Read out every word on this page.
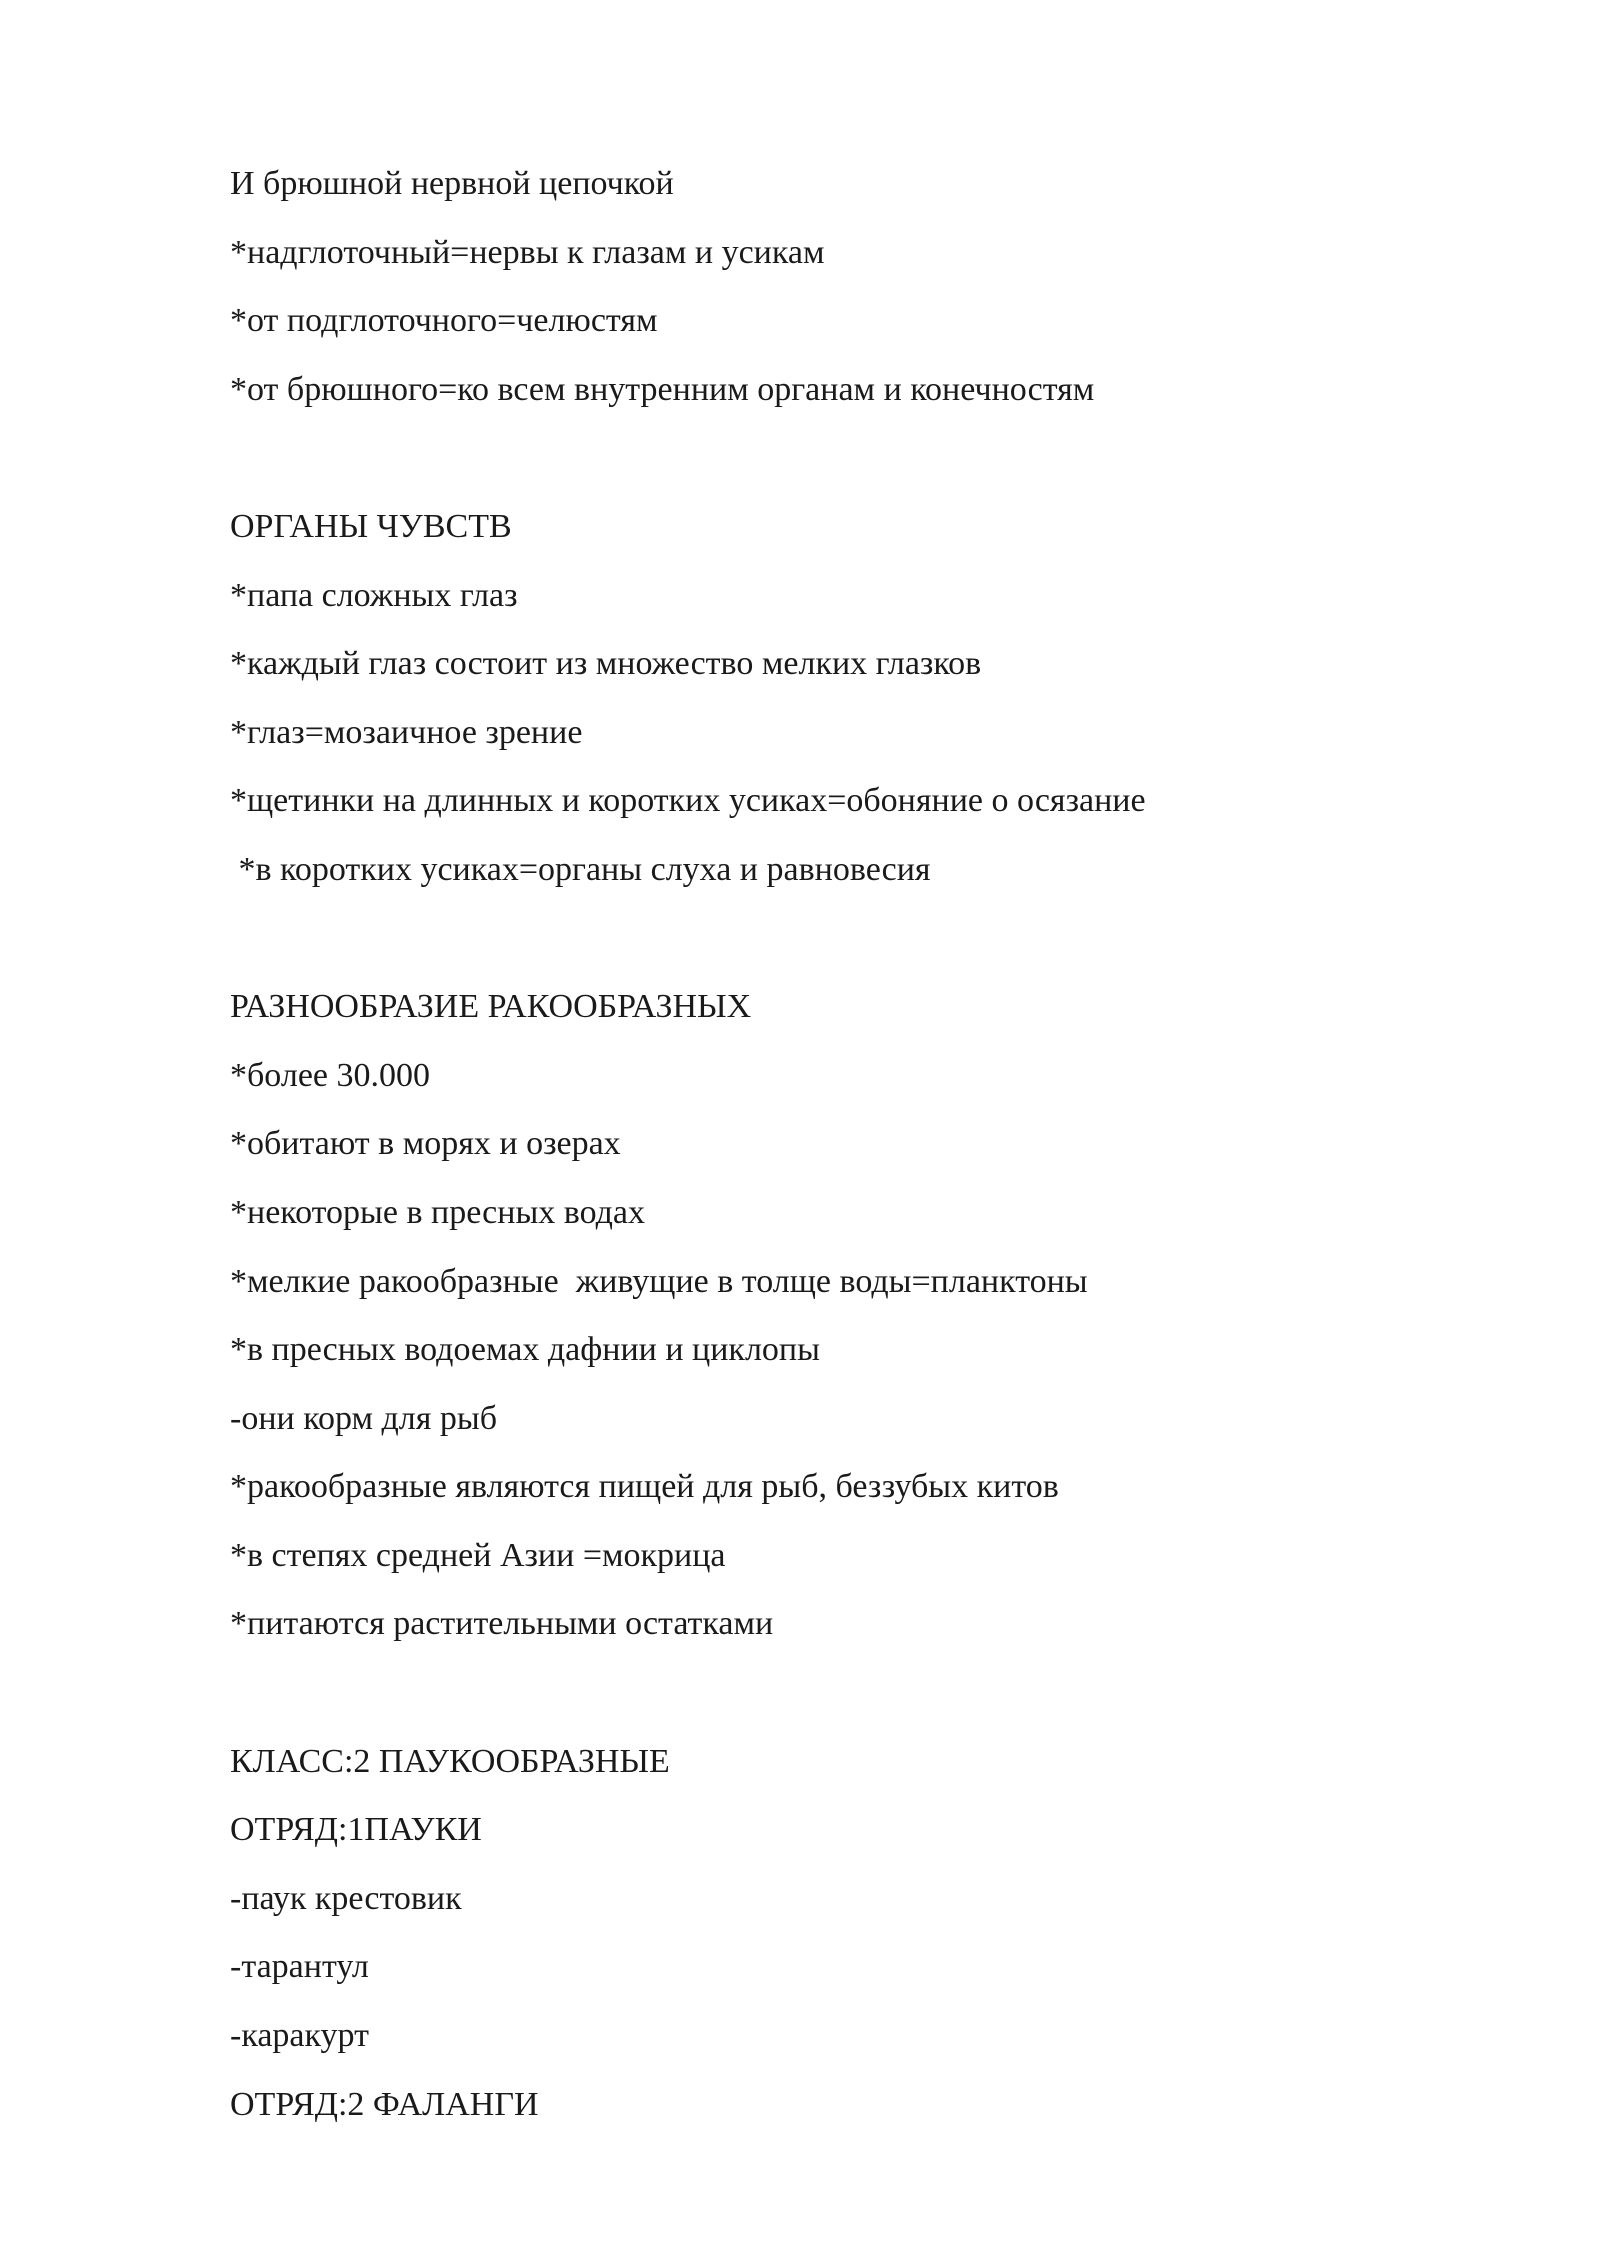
И брюшной нервной цепочкой
*надглоточный=нервы к глазам и усикам
*от подглоточного=челюстям
*от брюшного=ко всем внутренним органам и конечностям
ОРГАНЫ ЧУВСТВ
*папа сложных глаз
*каждый глаз состоит из множество мелких глазков
*глаз=мозаичное зрение
*щетинки на длинных и коротких усиках=обоняние о осязание
*в коротких усиках=органы слуха и равновесия
РАЗНООБРАЗИЕ РАКООБРАЗНЫХ
*более 30.000
*обитают в морях и озерах
*некоторые в пресных водах
*мелкие ракообразные  живущие в толще воды=планктоны
*в пресных водоемах дафнии и циклопы
-они корм для рыб
*ракообразные являются пищей для рыб, беззубых китов
*в степях средней Азии =мокрица
*питаются растительными остатками
КЛАСС:2 ПАУКООБРАЗНЫЕ
ОТРЯД:1ПАУКИ
-паук крестовик
-тарантул
-каракурт
ОТРЯД:2 ФАЛАНГИ
